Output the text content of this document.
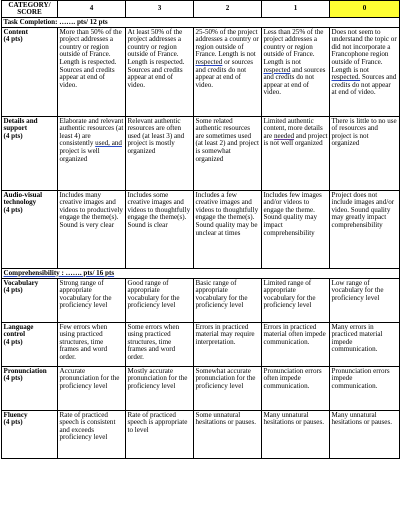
CATEGORY/ SCORE	4	3	2	1	0
Task Completion: ……. pts/ 12 pts					
Content
(4 pts)	More than 50% of the project addresses a country or region outside of France. Length is respected. Sources and credits appear at end of video.	At least 50% of the project addresses a country or region outside of France. Length is respected. Sources and credits appear at end of video.	25-50% of the project addresses a country or region outside of France. Length is not respected or sources and credits do not appear at end of video.	Less than 25% of the project addresses a country or region outside of France. Length is not respected and sources and credits do not appear at end of video.	Does not seem to understand the topic or did not incorporate a Francophone region outside of France. Length is not respected. Sources and credits do not appear at end of video.
Details and support
(4 pts)	Elaborate and relevant authentic resources (at least 4) are consistently used, and project is well organized	Relevant authentic resources are often used (at least 3) and project is mostly organized	Some related authentic resources are sometimes used (at least 2) and project is somewhat organized	Limited authentic content, more details are needed and project is not well organized	There is little to no use of resources and project is not organized
Audio-visual technology
(4 pts)	Includes many creative images and videos to productively engage the theme(s). Sound is very clear	Includes some creative images and videos to thoughtfully engage the theme(s). Sound is clear	Includes a few creative images and videos to thoughtfully engage the theme(s). Sound quality may be unclear at times	Includes few images and/or videos to engage the theme. Sound quality may impact comprehensibility	Project does not include images and/or video. Sound quality may greatly impact comprehensibility
Comprehensibility : ……. pts/ 16 pts					
Vocabulary
(4 pts)	Strong range of appropriate vocabulary for the proficiency level	Good range of appropriate vocabulary for the proficiency level	Basic range of appropriate vocabulary for the proficiency level	Limited range of appropriate vocabulary for the proficiency level	Low range of vocabulary for the proficiency level
Language control
(4 pts)	Few errors when using practiced structures, time frames and word order.	Some errors when using practiced structures, time frames and word order.	Errors in practiced material may require interpretation.	Errors in practiced material often impede communication.	Many errors in practiced material impede communication.
Pronunciation
(4 pts)	Accurate pronunciation for the proficiency level	Mostly accurate pronunciation for the proficiency level	Somewhat accurate pronunciation for the proficiency level	Pronunciation errors often impede communication.	Pronunciation errors impede communication.
Fluency
(4 pts)	Rate of practiced speech is consistent and exceeds proficiency level	Rate of practiced speech is appropriate to level	Some unnatural hesitations or pauses.	Many unnatural hesitations or pauses.	Many unnatural hesitations or pauses.
